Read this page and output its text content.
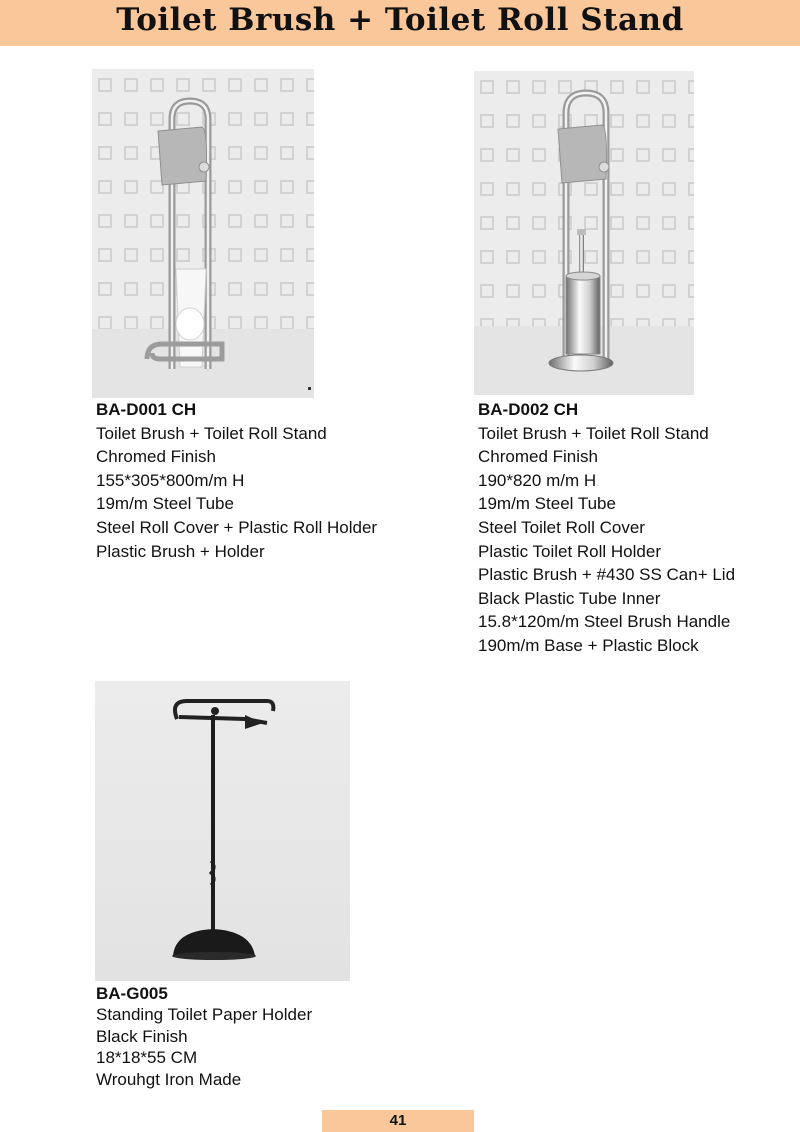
Toilet Brush + Toilet Roll Stand
BA-D001 CH
Toilet Brush + Toilet Roll Stand
Chromed Finish
155*305*800m/m H
19m/m Steel Tube
Steel Roll Cover + Plastic Roll Holder
Plastic Brush + Holder
BA-D002 CH
Toilet Brush + Toilet Roll Stand
Chromed Finish
190*820 m/m H
19m/m Steel Tube
Steel Toilet Roll Cover
Plastic Toilet Roll Holder
Plastic Brush + #430 SS Can+ Lid
Black Plastic Tube Inner
15.8*120m/m Steel Brush Handle
190m/m Base + Plastic Block
BA-G005
Standing Toilet Paper Holder
Black Finish
18*18*55 CM
Wrouhgt Iron Made
41
